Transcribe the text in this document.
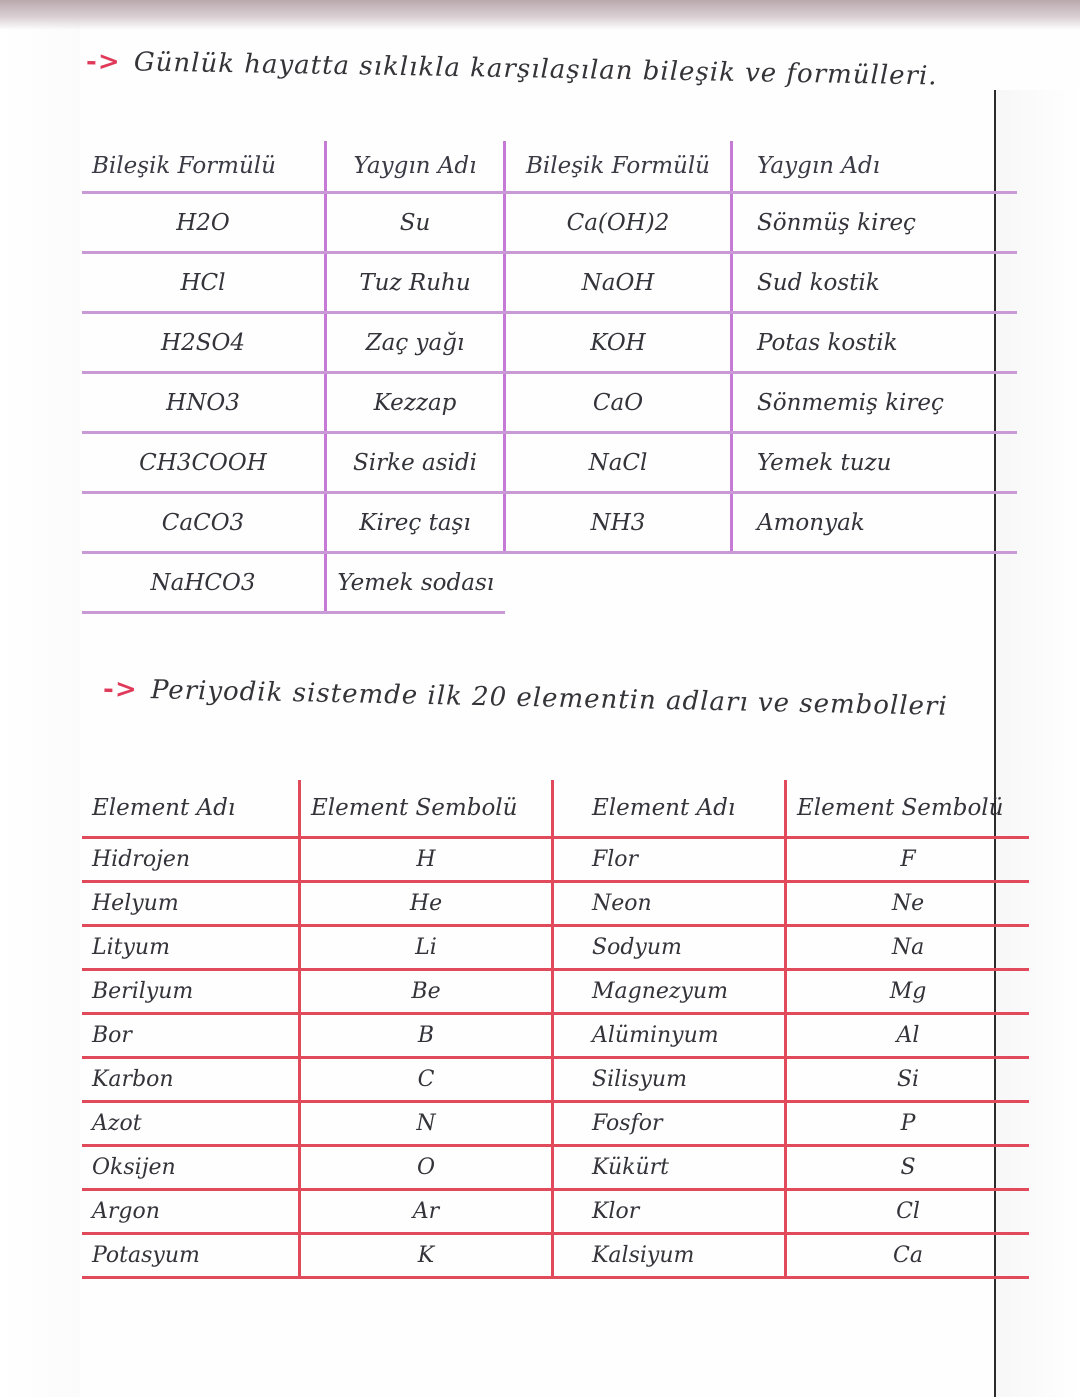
-> Günlük hayatta sıklıkla karşılaşılan bileşik ve formülleri.
Bileşik Formülü	Yaygın Adı	Bileşik Formülü	Yaygın Adı
H2O	Su	Ca(OH)2	Sönmüş kireç
HCl	Tuz Ruhu	NaOH	Sud kostik
H2SO4	Zaç yağı	KOH	Potas kostik
HNO3	Kezzap	CaO	Sönmemiş kireç
CH3COOH	Sirke asidi	NaCl	Yemek tuzu
CaCO3	Kireç taşı	NH3	Amonyak
NaHCO3	Yemek sodası		
-> Periyodik sistemde ilk 20 elementin adları ve sembolleri
Element Adı	Element Sembolü	Element Adı	Element Sembolü
Hidrojen	H	Flor	F
Helyum	He	Neon	Ne
Lityum	Li	Sodyum	Na
Berilyum	Be	Magnezyum	Mg
Bor	B	Alüminyum	Al
Karbon	C	Silisyum	Si
Azot	N	Fosfor	P
Oksijen	O	Kükürt	S
Argon	Ar	Klor	Cl
Potasyum	K	Kalsiyum	Ca
